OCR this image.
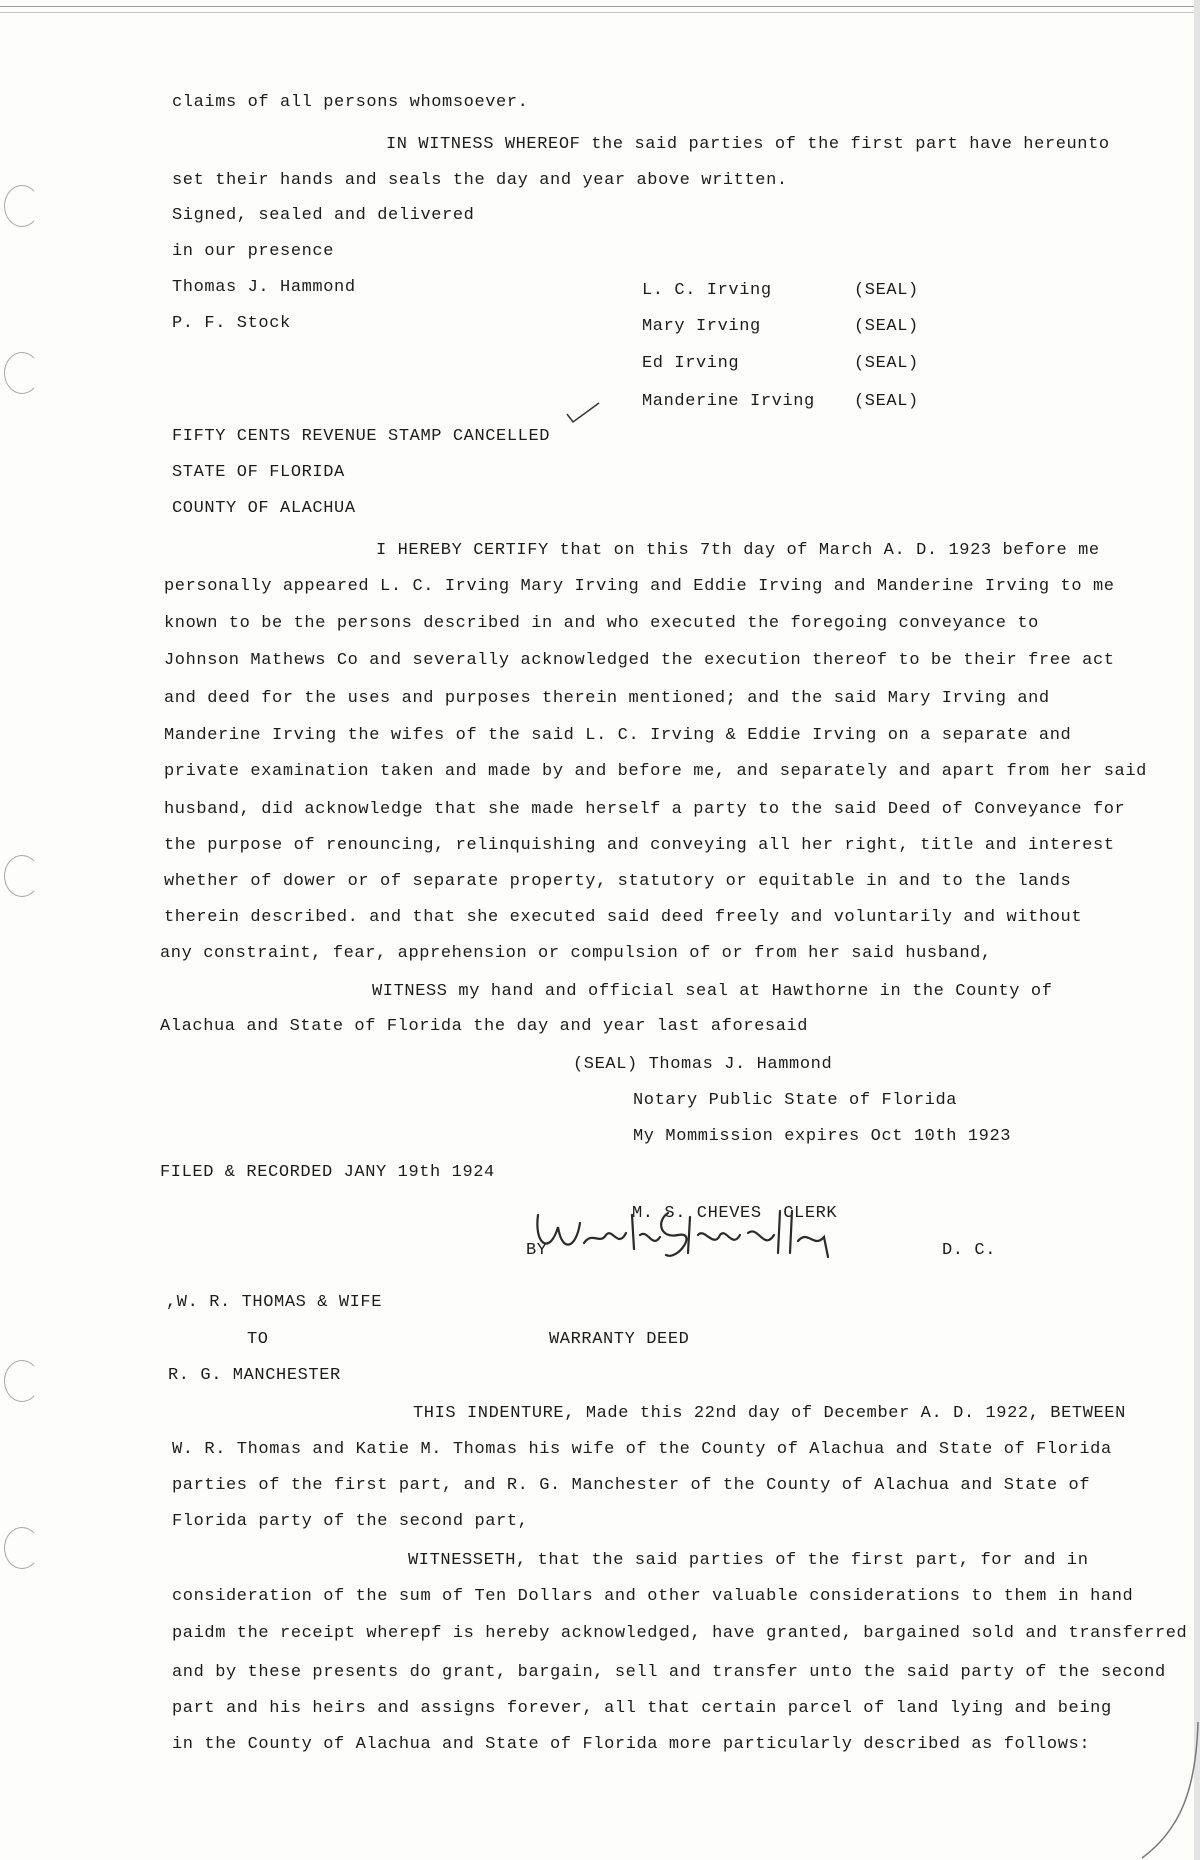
claims of all persons whomsoever.
IN WITNESS WHEREOF the said parties of the first part have hereunto
set their hands and seals the day and year above written.
Signed, sealed and delivered
in our presence
Thomas J. Hammond
P. F. Stock
L. C. Irving
Mary Irving
Ed Irving
Manderine Irving
(SEAL)
(SEAL)
(SEAL)
(SEAL)
FIFTY CENTS REVENUE STAMP CANCELLED
STATE OF FLORIDA
COUNTY OF ALACHUA
I HEREBY CERTIFY that on this 7th day of March A. D. 1923 before me
personally appeared L. C. Irving Mary Irving and Eddie Irving and Manderine Irving to me
known to be the persons described in and who executed the foregoing conveyance to
Johnson Mathews Co and severally acknowledged the execution thereof to be their free act
and deed for the uses and purposes therein mentioned; and the said Mary Irving and
Manderine Irving the wifes of the said L. C. Irving & Eddie Irving on a separate and
private examination taken and made by and before me, and separately and apart from her said
husband, did acknowledge that she made herself a party to the said Deed of Conveyance for
the purpose of renouncing, relinquishing and conveying all her right, title and interest
whether of dower or of separate property, statutory or equitable in and to the lands
therein described. and that she executed said deed freely and voluntarily and without
any constraint, fear, apprehension or compulsion of or from her said husband,
WITNESS my hand and official seal at Hawthorne in the County of
Alachua and State of Florida the day and year last aforesaid
(SEAL) Thomas J. Hammond
Notary Public State of Florida
My Mommission expires Oct 10th 1923
FILED & RECORDED JANY 19th 1924
M. S. CHEVES  CLERK
BY	D. C.
,W. R. THOMAS & WIFE
TO	WARRANTY DEED
R. G. MANCHESTER
THIS INDENTURE, Made this 22nd day of December A. D. 1922, BETWEEN
W. R. Thomas and Katie M. Thomas his wife of the County of Alachua and State of Florida
parties of the first part, and R. G. Manchester of the County of Alachua and State of
Florida party of the second part,
WITNESSETH, that the said parties of the first part, for and in
consideration of the sum of Ten Dollars and other valuable considerations to them in hand
paidm the receipt wherepf is hereby acknowledged, have granted, bargained sold and transferred
and by these presents do grant, bargain, sell and transfer unto the said party of the second
part and his heirs and assigns forever, all that certain parcel of land lying and being
in the County of Alachua and State of Florida more particularly described as follows:
